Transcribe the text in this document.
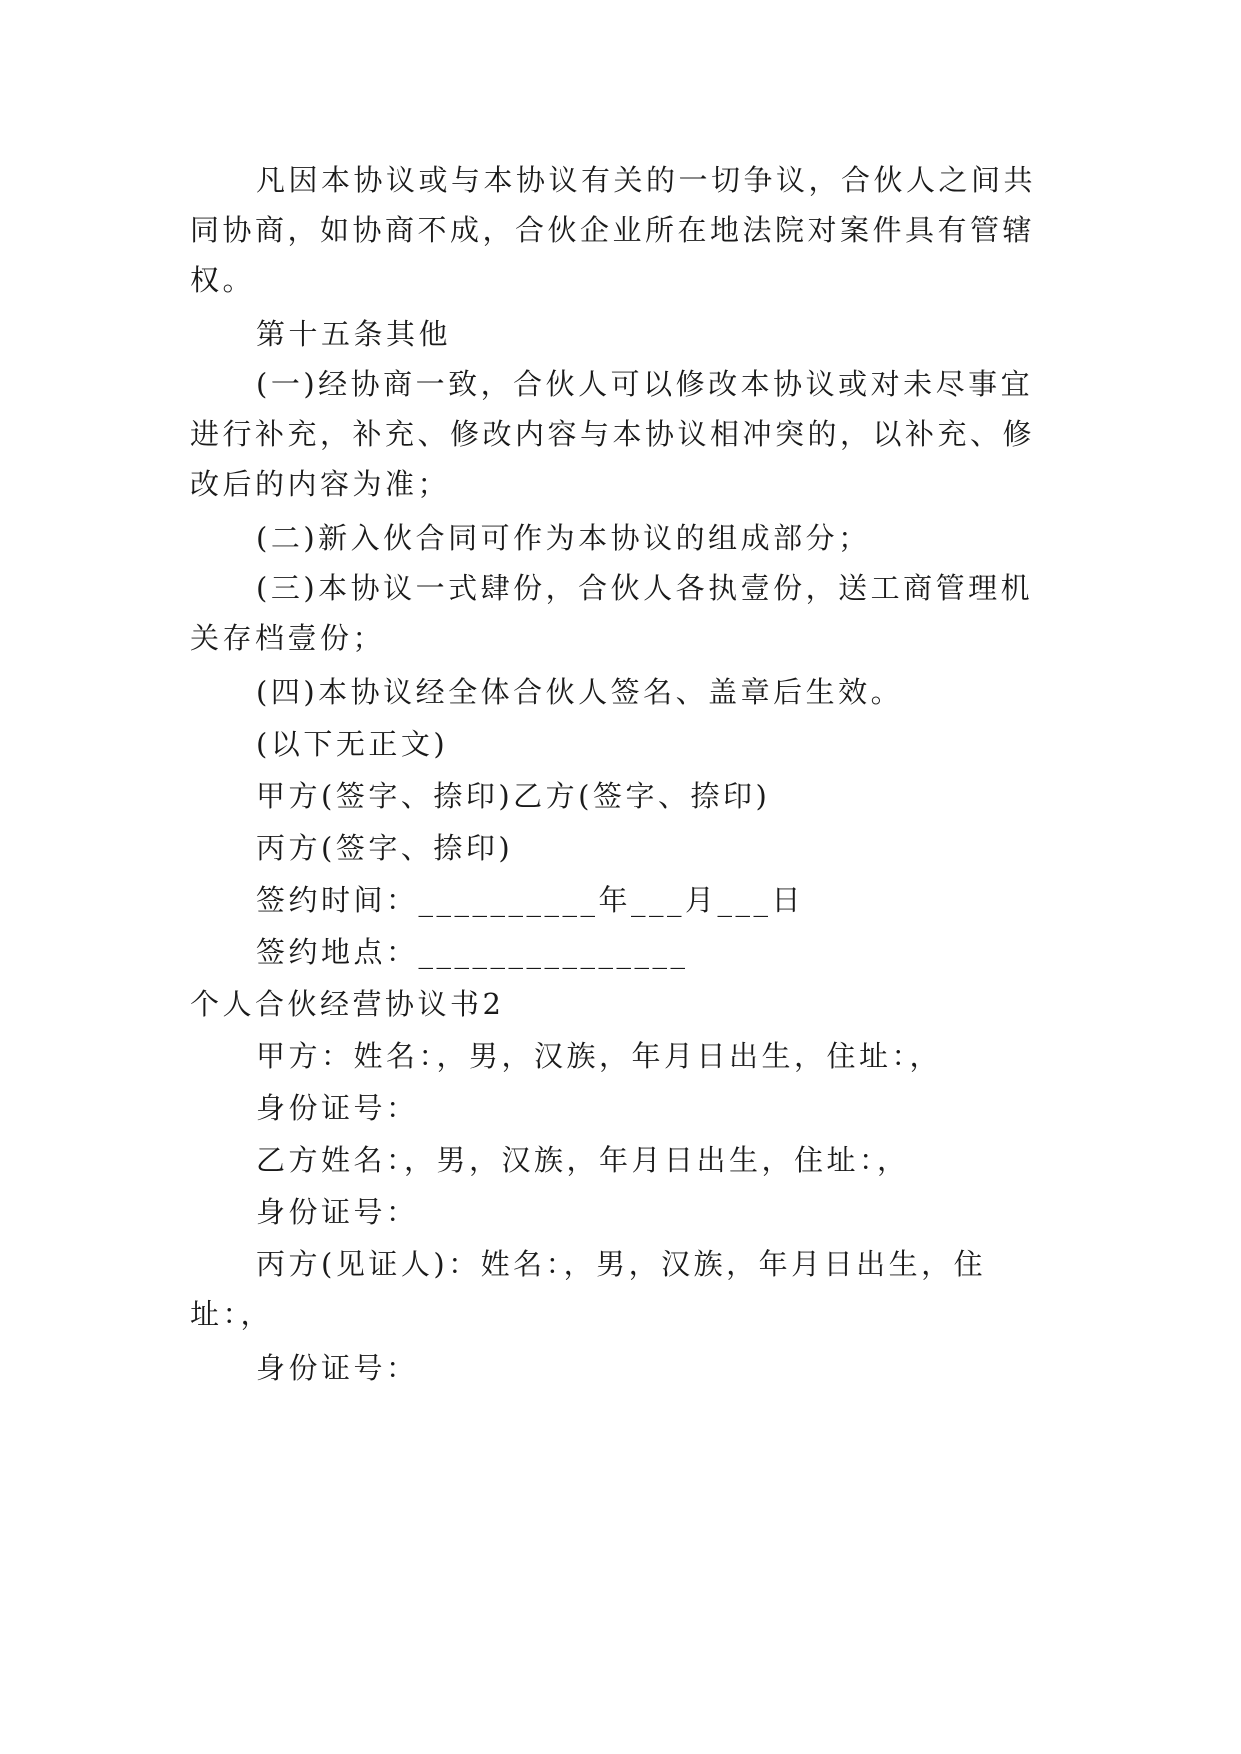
凡因本协议或与本协议有关的一切争议，合伙人之间共
同协商，如协商不成，合伙企业所在地法院对案件具有管辖
权。
第十五条其他
(一)经协商一致，合伙人可以修改本协议或对未尽事宜
进行补充，补充、修改内容与本协议相冲突的，以补充、修
改后的内容为准；
(二)新入伙合同可作为本协议的组成部分；
(三)本协议一式肆份，合伙人各执壹份，送工商管理机
关存档壹份；
(四)本协议经全体合伙人签名、盖章后生效。
(以下无正文)
甲方(签字、捺印)乙方(签字、捺印)
丙方(签字、捺印)
签约时间：__________年___月___日
签约地点：_______________
个人合伙经营协议书2
甲方：姓名：，男，汉族，年月日出生，住址：，
身份证号：
乙方姓名：，男，汉族，年月日出生，住址：，
身份证号：
丙方(见证人)：姓名：，男，汉族，年月日出生，住
址：，
身份证号：
